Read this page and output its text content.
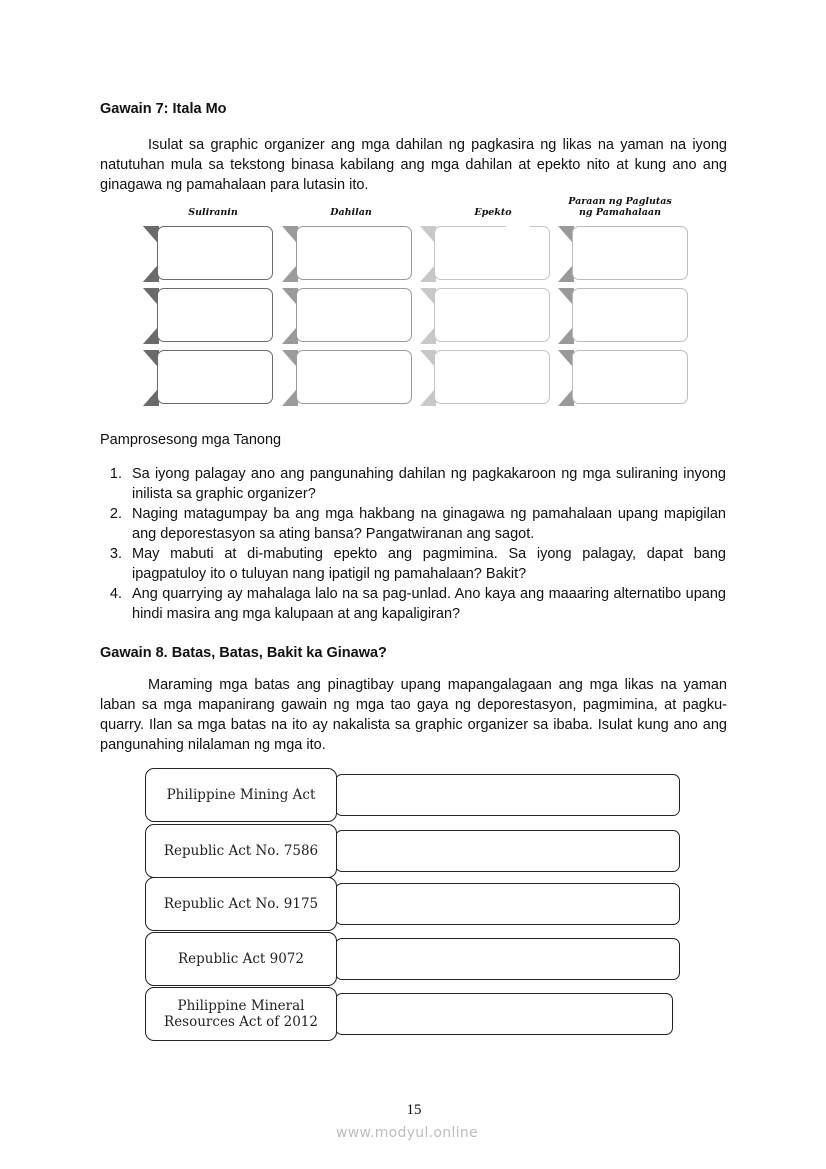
Gawain 7: Itala Mo
Isulat sa graphic organizer ang mga dahilan ng pagkasira ng likas na yaman na iyong natutuhan mula sa tekstong binasa kabilang ang mga dahilan at epekto nito at kung ano ang ginagawa ng pamahalaan para lutasin ito.
Suliranin	Dahilan	Epekto
Paraan ng Paglutas
ng Pamahalaan
Pamprosesong mga Tanong
1. Sa iyong palagay ano ang pangunahing dahilan ng pagkakaroon ng mga suliraning inyong inilista sa graphic organizer?
2. Naging matagumpay ba ang mga hakbang na ginagawa ng pamahalaan upang mapigilan ang deporestasyon sa ating bansa? Pangatwiranan ang sagot.
3. May mabuti at di-mabuting epekto ang pagmimina. Sa iyong palagay, dapat bang ipagpatuloy ito o tuluyan nang ipatigil ng pamahalaan? Bakit?
4. Ang quarrying ay mahalaga lalo na sa pag-unlad. Ano kaya ang maaaring alternatibo upang hindi masira ang mga kalupaan at ang kapaligiran?
Gawain 8. Batas, Batas, Bakit ka Ginawa?
Maraming mga batas ang pinagtibay upang mapangalagaan ang mga likas na yaman laban sa mga mapanirang gawain ng mga tao gaya ng deporestasyon, pagmimina, at pagku-quarry. Ilan sa mga batas na ito ay nakalista sa graphic organizer sa ibaba. Isulat kung ano ang pangunahing nilalaman ng mga ito.
Philippine Mining Act
Republic Act No. 7586
Republic Act No. 9175
Republic Act 9072
Philippine Mineral
Resources Act of 2012
15
www.modyul.online
